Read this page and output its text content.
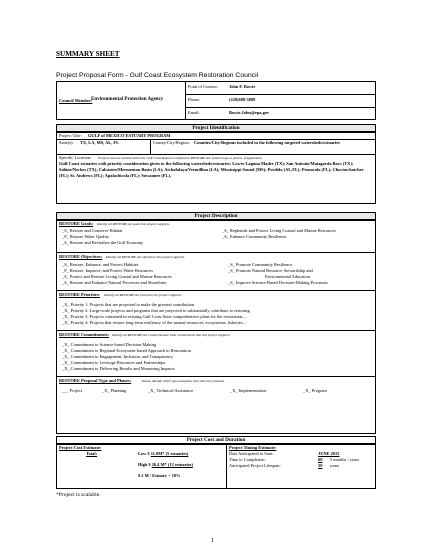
SUMMARY SHEET
Project Proposal Form - Gulf Coast Ecosystem Restoration Council
Council Member:
Environmental Protection Agency
Point of Contact: John F. Bowie
Phone:	(228)688-3888
Email:	Bowie.John@epa.gov
Project Identification
Project Title: GULF of MEXICO ESTUARY PROGRAM
State(s): TX, LA, MS, AL, FL	County/City/Region: Counties/City/Regions included in the following targeted watersheds/estuaries
Specific Location: Projects must be located within the Gulf Coast Region as defined in RESTORE Act. (attach map or photos, if applicable)
Gulf Coast estuaries with priority consideration given to the following watersheds/estuaries: Lower Laguna Madre (TX); San Antonio/Matagorda Bays (TX); Sabine/Neches (TX); Calcasieu/Mermentau Basin (LA); Atchafalaya/Vermillion (LA); Mississippi Sound (MS); Perdido (AL,FL); Pensacola (FL); Choctawhatchee (FL); St. Andrews (FL); Apalachicola (FL); Suwannee (FL).
Project Description
RESTORE Goals: Identify all RESTORE Act goals this project supports.
_S_ Restore and Conserve Habitat
_P_ Restore Water Quality
_S_ Restore and Revitalize the Gulf Economy
_S_ Replenish and Protect Living Coastal and Marine Resources
_S_ Enhance Community Resilience
RESTORE Objectives: Identify all RESTORE Act objectives this project supports.
_S_ Restore, Enhance, and Protect Habitats
_P_ Restore, Improve, and Protect Water Resources
_S_ Protect and Restore Living Coastal and Marine Resources
_S_ Restore and Enhance Natural Processes and Shorelines
_S_ Promote Community Resilience
_S_ Promote Natural Resource Stewardship and
Environmental Education
_S_ Improve Science-Based Decision-Making Processes
RESTORE Priorities: Identify all RESTORE Act priorities this project supports.
_X_ Priority 1: Projects that are projected to make the greatest contribution
_X_ Priority 2: Large-scale projects and programs that are projected to substantially contribute to restoring
_X_ Priority 3: Projects contained in existing Gulf Coast State comprehensive plans for the restoration....
_X_ Priority 4: Projects that restore long-term resiliency of the natural resources, ecosystems, fisheries...
RESTORE Commitments: Identify all RESTORE Act Comprehensive Plan commitments that this project supports.
_X_ Commitment to Science-based Decision Making
_X_ Commitment to Regional Ecosystem-based Approach to Restoration
_X_ Commitment to Engagement, Inclusion, and Transparency
_X_ Commitment to Leverage Resources and Partnerships
_X_ Commitment to Delivering Results and Measuring Impacts
RESTORE Proposal Type and Phases:	Please identify which type and phase best suits this proposal
___ Project	_X_ Planning	_X_ Technical Assistance	_X_ Implementation	_X_ Program
Project Cost and Duration
Project Cost Estimate:
Total:	Low $ 11.0M* (5 estuaries)
High $ 26.4 M* (12 estuaries)
$ 2 M / Estuary + 10%
Project Timing Estimate:
Date Anticipated to Start:	JUNE 2015
Time to Completion:	60 5 months / years
Anticipated Project Lifespan:	50 years
*Project is scalable.
1
